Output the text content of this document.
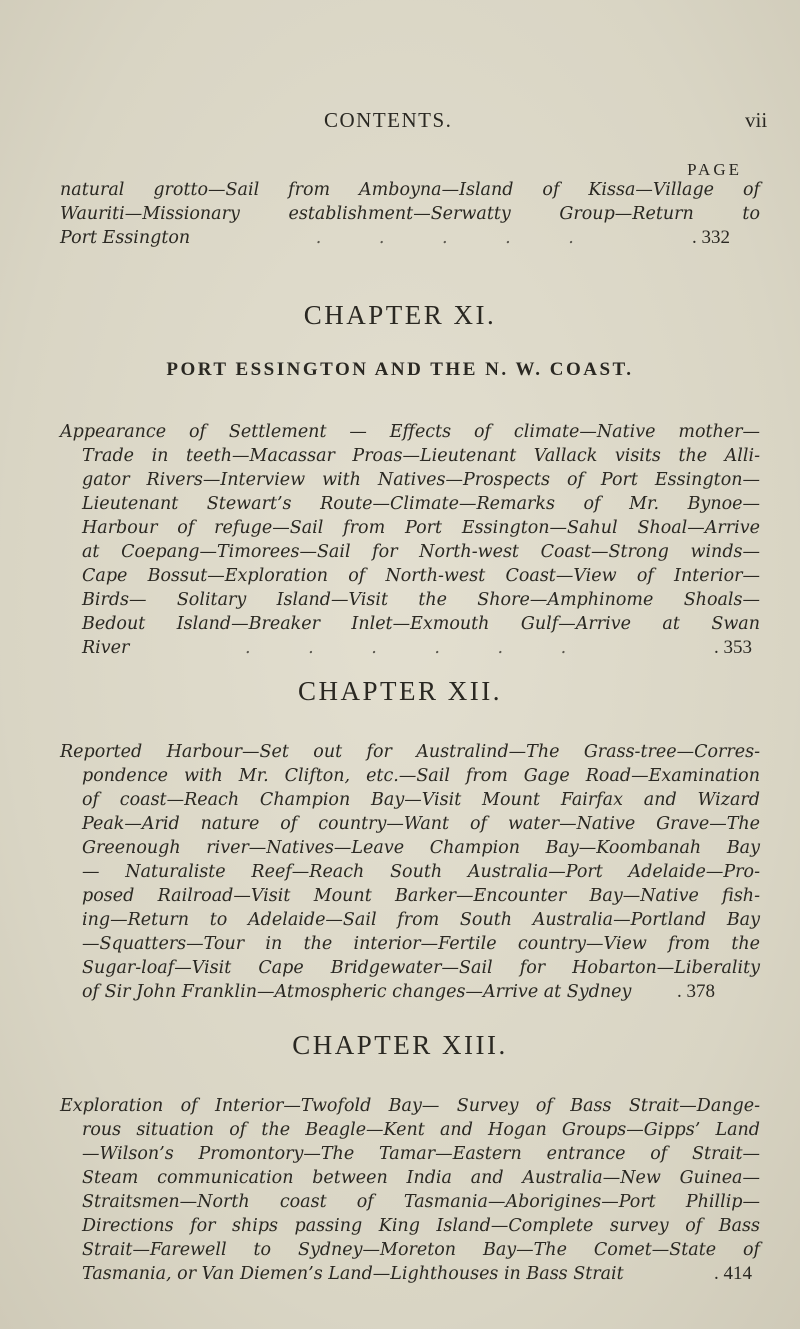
CONTENTS.	vii
PAGE
natural grotto—Sail from Amboyna—Island of Kissa—Village of
Wauriti—Missionary establishment—Serwatty Group—Return to
Port Essington	. . . . .	. 332
CHAPTER XI.
PORT ESSINGTON AND THE N. W. COAST.
Appearance of Settlement — Effects of climate—Native mother—
Trade in teeth—Macassar Proas—Lieutenant Vallack visits the Alli-
gator Rivers—Interview with Natives—Prospects of Port Essington—
Lieutenant Stewart’s Route—Climate—Remarks of Mr. Bynoe—
Harbour of refuge—Sail from Port Essington—Sahul Shoal—Arrive
at Coepang—Timorees—Sail for North-west Coast—Strong winds—
Cape Bossut—Exploration of North-west Coast—View of Interior—
Birds— Solitary Island—Visit the Shore—Amphinome Shoals—
Bedout Island—Breaker Inlet—Exmouth Gulf—Arrive at Swan
River	. . . . . .	. 353
CHAPTER XII.
Reported Harbour—Set out for Australind—The Grass-tree—Corres-
pondence with Mr. Clifton, etc.—Sail from Gage Road—Examination
of coast—Reach Champion Bay—Visit Mount Fairfax and Wizard
Peak—Arid nature of country—Want of water—Native Grave—The
Greenough river—Natives—Leave Champion Bay—Koombanah Bay
— Naturaliste Reef—Reach South Australia—Port Adelaide—Pro-
posed Railroad—Visit Mount Barker—Encounter Bay—Native fish-
ing—Return to Adelaide—Sail from South Australia—Portland Bay
—Squatters—Tour in the interior—Fertile country—View from the
Sugar-loaf—Visit Cape Bridgewater—Sail for Hobarton—Liberality
of Sir John Franklin—Atmospheric changes—Arrive at Sydney . 378
CHAPTER XIII.
Exploration of Interior—Twofold Bay— Survey of Bass Strait—Dange-
rous situation of the Beagle—Kent and Hogan Groups—Gipps’ Land
—Wilson’s Promontory—The Tamar—Eastern entrance of Strait—
Steam communication between India and Australia—New Guinea—
Straitsmen—North coast of Tasmania—Aborigines—Port Phillip—
Directions for ships passing King Island—Complete survey of Bass
Strait—Farewell to Sydney—Moreton Bay—The Comet—State of
Tasmania, or Van Diemen’s Land—Lighthouses in Bass Strait	. 414
